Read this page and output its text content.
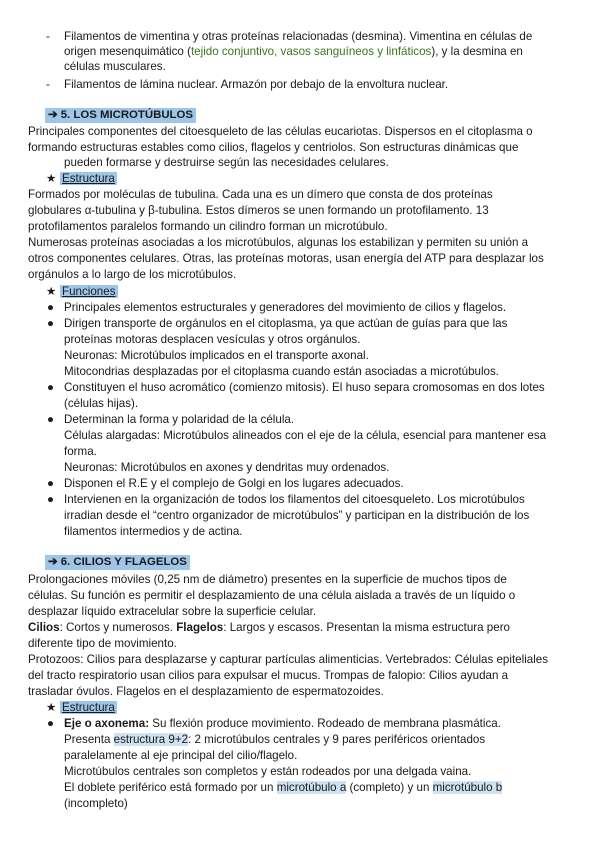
- Filamentos de vimentina y otras proteínas relacionadas (desmina). Vimentina en células de
origen mesenquimático (tejido conjuntivo, vasos sanguíneos y linfáticos), y la desmina en
células musculares.
- Filamentos de lámina nuclear. Armazón por debajo de la envoltura nuclear.
➔ 5. LOS MICROTÚBULOS
Principales componentes del citoesqueleto de las células eucariotas. Dispersos en el citoplasma o
formando estructuras estables como cilios, flagelos y centriolos. Son estructuras dinámicas que
pueden formarse y destruirse según las necesidades celulares.
★ Estructura
Formados por moléculas de tubulina. Cada una es un dímero que consta de dos proteínas
globulares α-tubulina y β-tubulina. Estos dímeros se unen formando un protofilamento. 13
protofilamentos paralelos formando un cilindro forman un microtúbulo.
Numerosas proteínas asociadas a los microtúbulos, algunas los estabilizan y permiten su unión a
otros componentes celulares. Otras, las proteínas motoras, usan energía del ATP para desplazar los
orgánulos a lo largo de los microtúbulos.
★ Funciones
● Principales elementos estructurales y generadores del movimiento de cilios y flagelos.
● Dirigen transporte de orgánulos en el citoplasma, ya que actúan de guías para que las
proteínas motoras desplacen vesículas y otros orgánulos.
Neuronas: Microtúbulos implicados en el transporte axonal.
Mitocondrias desplazadas por el citoplasma cuando están asociadas a microtúbulos.
● Constituyen el huso acromático (comienzo mitosis). El huso separa cromosomas en dos lotes
(células hijas).
● Determinan la forma y polaridad de la célula.
Células alargadas: Microtúbulos alineados con el eje de la célula, esencial para mantener esa
forma.
Neuronas: Microtúbulos en axones y dendritas muy ordenados.
● Disponen el R.E y el complejo de Golgi en los lugares adecuados.
● Intervienen en la organización de todos los filamentos del citoesqueleto. Los microtúbulos
irradian desde el “centro organizador de microtúbulos” y participan en la distribución de los
filamentos intermedios y de actina.
➔ 6. CILIOS Y FLAGELOS
Prolongaciones móviles (0,25 nm de diámetro) presentes en la superficie de muchos tipos de
células. Su función es permitir el desplazamiento de una célula aislada a través de un líquido o
desplazar líquido extracelular sobre la superficie celular.
Cilios: Cortos y numerosos. Flagelos: Largos y escasos. Presentan la misma estructura pero
diferente tipo de movimiento.
Protozoos: Cilios para desplazarse y capturar partículas alimenticias. Vertebrados: Células epiteliales
del tracto respiratorio usan cilios para expulsar el mucus. Trompas de falopio: Cilios ayudan a
trasladar óvulos. Flagelos en el desplazamiento de espermatozoides.
★ Estructura
● Eje o axonema: Su flexión produce movimiento. Rodeado de membrana plasmática.
Presenta estructura 9+2: 2 microtúbulos centrales y 9 pares periféricos orientados
paralelamente al eje principal del cilio/flagelo.
Microtúbulos centrales son completos y están rodeados por una delgada vaina.
El doblete periférico está formado por un microtúbulo a (completo) y un microtúbulo b
(incompleto)
